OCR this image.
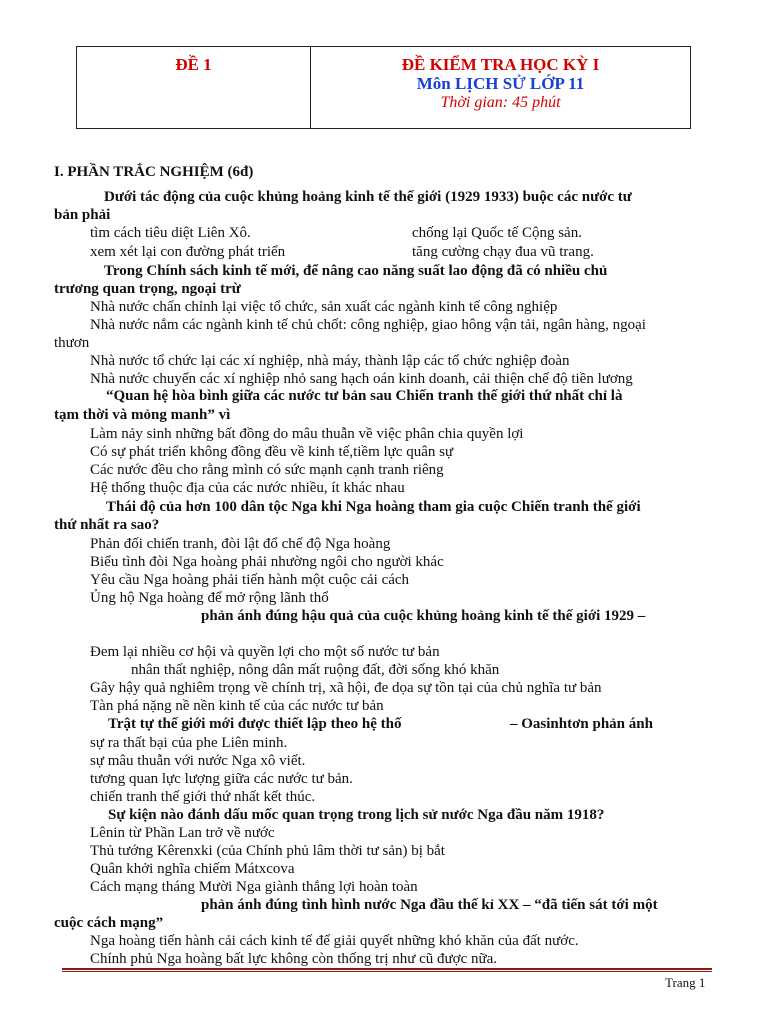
ĐỀ 1	ĐỀ KIỂM TRA HỌC KỲ I
Môn LỊCH SỬ LỚP 11
Thời gian: 45 phút
I. PHẦN TRẮC NGHIỆM (6đ)
Dưới tác động của cuộc khủng hoảng kinh tế thế giới (1929 1933) buộc các nước tư
bản phải
tìm cách tiêu diệt Liên Xô.	chống lại Quốc tế Cộng sản.
xem xét lại con đường phát triển	tăng cường chạy đua vũ trang.
Trong Chính sách kinh tế mới, để nâng cao năng suất lao động đã có nhiều chủ
trương quan trọng, ngoại trừ
Nhà nước chấn chỉnh lại việc tổ chức, sản xuất các ngành kinh tế công nghiệp
Nhà nước nắm các ngành kinh tế chủ chốt: công nghiệp, giao hông vận tải, ngân hàng, ngoại
thươn
Nhà nước tổ chức lại các xí nghiệp, nhà máy, thành lập các tổ chức nghiệp đoàn
Nhà nước chuyển các xí nghiệp nhỏ sang hạch oán kinh doanh, cải thiện chế độ tiền lương
“Quan hệ hòa bình giữa các nước tư bản sau Chiến tranh thế giới thứ nhất chỉ là
tạm thời và mỏng manh” vì
Làm nảy sinh những bất đồng do mâu thuẫn về việc phân chia quyền lợi
Có sự phát triển không đồng đều về kinh tế,tiềm lực quân sự
Các nước đều cho rằng mình có sức mạnh cạnh tranh riêng
Hệ thống thuộc địa của các nước nhiều, ít khác nhau
Thái độ của hơn 100 dân tộc Nga khi Nga hoàng tham gia cuộc Chiến tranh thế giới
thứ nhất ra sao?
Phản đối chiến tranh, đòi lật đổ chế độ Nga hoàng
Biểu tình đòi Nga hoàng phải nhường ngôi cho người khác
Yêu cầu Nga hoàng phải tiến hành một cuộc cải cách
Ủng hộ Nga hoàng để mở rộng lãnh thổ
phản ánh đúng hậu quả của cuộc khủng hoảng kinh tế thế giới 1929 –
Đem lại nhiều cơ hội và quyền lợi cho một số nước tư bản
nhân thất nghiệp, nông dân mất ruộng đất, đời sống khó khăn
Gây hậy quả nghiêm trọng về chính trị, xã hội, đe dọa sự tồn tại của chủ nghĩa tư bản
Tàn phá nặng nề nền kinh tế của các nước tư bản
Trật tự thế giới mới được thiết lập theo hệ thố	– Oasinhtơn phản ánh
sự ra thất bại của phe Liên minh.
sự mâu thuẫn với nước Nga xô viết.
tương quan lực lượng giữa các nước tư bản.
chiến tranh thế giới thứ nhất kết thúc.
Sự kiện nào đánh dấu mốc quan trọng trong lịch sử nước Nga đầu năm 1918?
Lênin từ Phần Lan trở về nước
Thủ tướng Kêrenxki (của Chính phủ lâm thời tư sản) bị bắt
Quân khởi nghĩa chiếm Mátxcova
Cách mạng tháng Mười Nga giành thắng lợi hoàn toàn
phản ánh đúng tình hình nước Nga đầu thế kỉ XX – “đã tiến sát tới một
cuộc cách mạng”
Nga hoàng tiến hành cải cách kinh tế để giải quyết những khó khăn của đất nước.
Chính phủ Nga hoàng bất lực không còn thống trị như cũ được nữa.
Trang 1
